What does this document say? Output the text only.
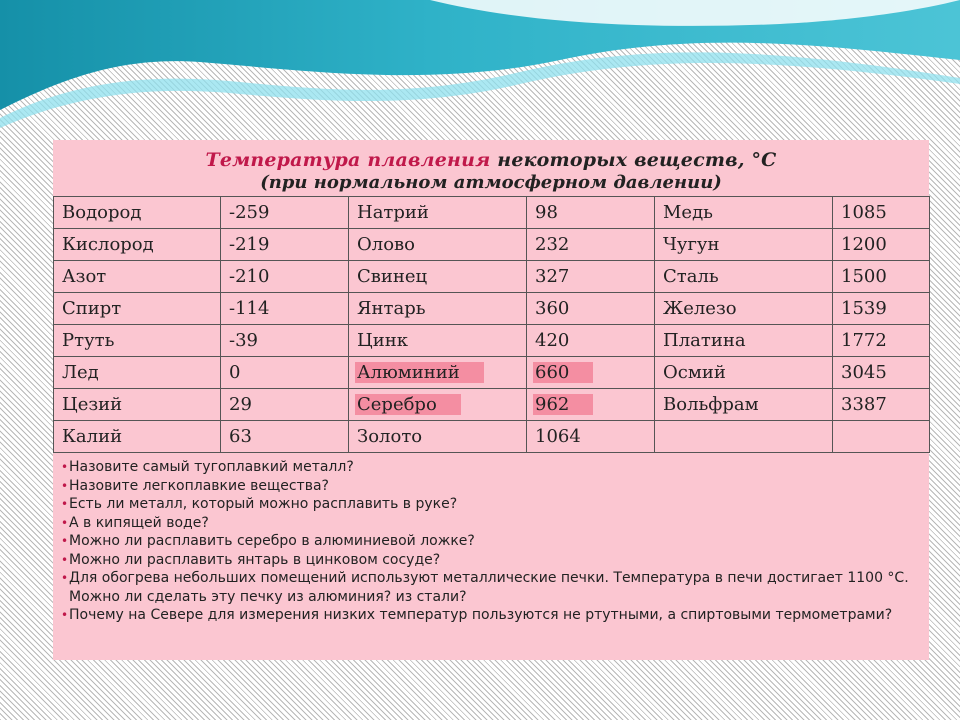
Температура плавления некоторых веществ, °С
(при нормальном атмосферном давлении)
Водород	-259	Натрий	98	Медь	1085
Кислород	-219	Олово	232	Чугун	1200
Азот	-210	Свинец	327	Сталь	1500
Спирт	-114	Янтарь	360	Железо	1539
Ртуть	-39	Цинк	420	Платина	1772
Лед	0	Алюминий	660	Осмий	3045
Цезий	29	Серебро	962	Вольфрам	3387
Калий	63	Золото	1064		
•Назовите самый тугоплавкий металл?
•Назовите легкоплавкие вещества?
•Есть ли металл, который можно расплавить в руке?
•А в кипящей воде?
•Можно ли расплавить серебро в алюминиевой ложке?
•Можно ли расплавить янтарь в цинковом сосуде?
•Для обогрева небольших помещений используют металлические печки. Температура в печи достигает 1100 °С. Можно ли сделать эту печку из алюминия? из стали?
•Почему на Севере для измерения низких температур пользуются не ртутными, а спиртовыми термометрами?
